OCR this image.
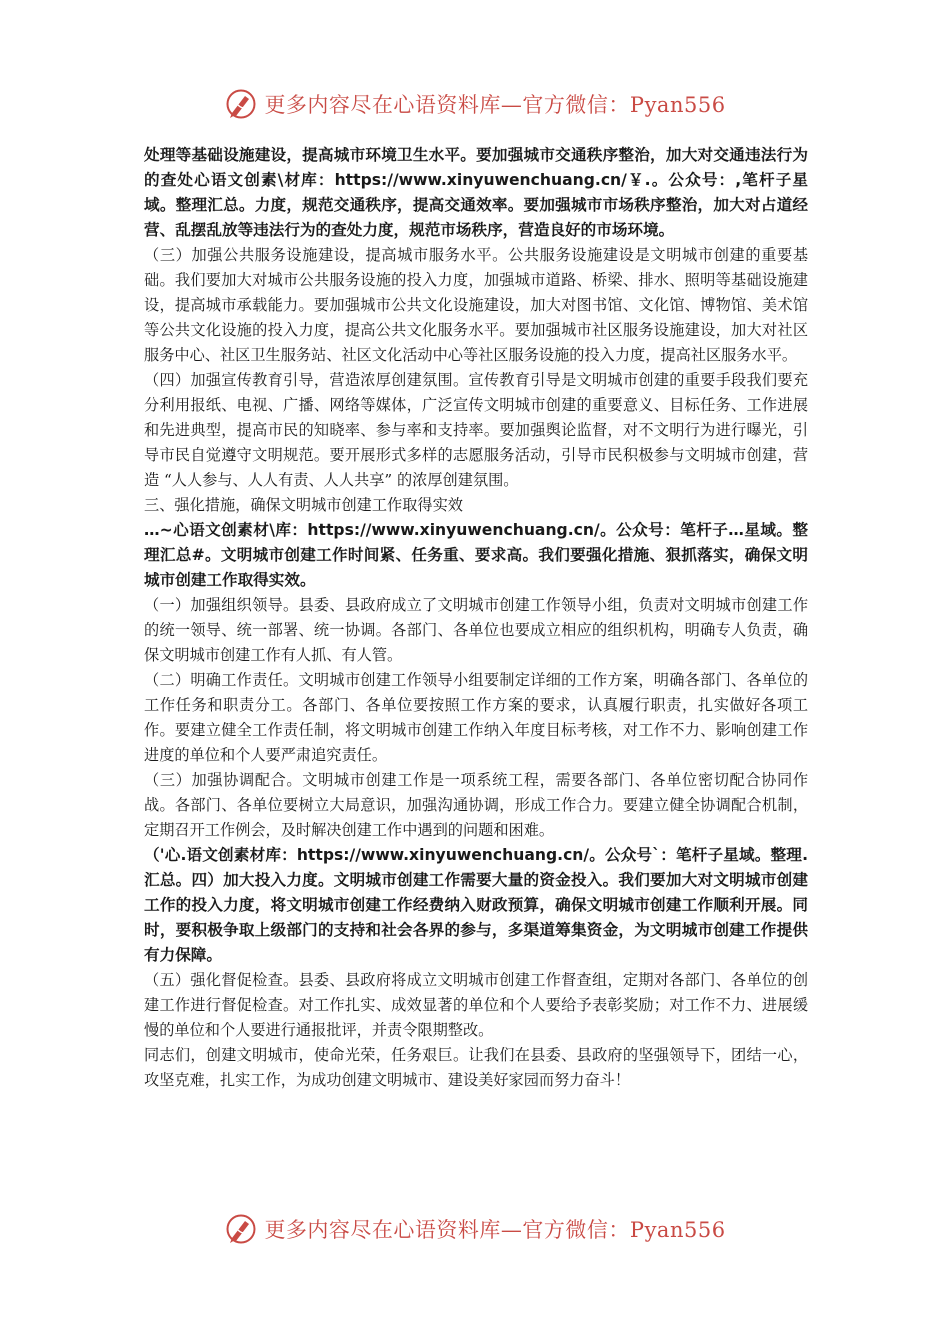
更多内容尽在心语资料库—官方微信：Pyan556

处理等基础设施建设，提高城市环境卫生水平。要加强城市交通秩序整治，加大对交通违法行为的查处心语文创素\材库：https://www.xinyuwenchuang.cn/￥.。公众号：,笔杆子星域。整理汇总。力度，规范交通秩序，提高交通效率。要加强城市市场秩序整治，加大对占道经营、乱摆乱放等违法行为的查处力度，规范市场秩序，营造良好的市场环境。

（三）加强公共服务设施建设，提高城市服务水平。公共服务设施建设是文明城市创建的重要基础。我们要加大对城市公共服务设施的投入力度，加强城市道路、桥梁、排水、照明等基础设施建设，提高城市承载能力。要加强城市公共文化设施建设，加大对图书馆、文化馆、博物馆、美术馆等公共文化设施的投入力度，提高公共文化服务水平。要加强城市社区服务设施建设，加大对社区服务中心、社区卫生服务站、社区文化活动中心等社区服务设施的投入力度，提高社区服务水平。

（四）加强宣传教育引导，营造浓厚创建氛围。宣传教育引导是文明城市创建的重要手段我们要充分利用报纸、电视、广播、网络等媒体，广泛宣传文明城市创建的重要意义、目标任务、工作进展和先进典型，提高市民的知晓率、参与率和支持率。要加强舆论监督，对不文明行为进行曝光，引导市民自觉遵守文明规范。要开展形式多样的志愿服务活动，引导市民积极参与文明城市创建，营造 “人人参与、人人有责、人人共享” 的浓厚创建氛围。

三、强化措施，确保文明城市创建工作取得实效

…~心语文创素材\库：https://www.xinyuwenchuang.cn/。公众号：笔杆子…星域。整理汇总#。文明城市创建工作时间紧、任务重、要求高。我们要强化措施、狠抓落实，确保文明城市创建工作取得实效。

（一）加强组织领导。县委、县政府成立了文明城市创建工作领导小组，负责对文明城市创建工作的统一领导、统一部署、统一协调。各部门、各单位也要成立相应的组织机构，明确专人负责，确保文明城市创建工作有人抓、有人管。

（二）明确工作责任。文明城市创建工作领导小组要制定详细的工作方案，明确各部门、各单位的工作任务和职责分工。各部门、各单位要按照工作方案的要求，认真履行职责，扎实做好各项工作。要建立健全工作责任制，将文明城市创建工作纳入年度目标考核，对工作不力、影响创建工作进度的单位和个人要严肃追究责任。

（三）加强协调配合。文明城市创建工作是一项系统工程，需要各部门、各单位密切配合协同作战。各部门、各单位要树立大局意识，加强沟通协调，形成工作合力。要建立健全协调配合机制，定期召开工作例会，及时解决创建工作中遇到的问题和困难。

（'心.语文创素材库：https://www.xinyuwenchuang.cn/。公众号`：笔杆子星域。整理.汇总。四）加大投入力度。文明城市创建工作需要大量的资金投入。我们要加大对文明城市创建工作的投入力度，将文明城市创建工作经费纳入财政预算，确保文明城市创建工作顺利开展。同时，要积极争取上级部门的支持和社会各界的参与，多渠道筹集资金，为文明城市创建工作提供有力保障。

（五）强化督促检查。县委、县政府将成立文明城市创建工作督查组，定期对各部门、各单位的创建工作进行督促检查。对工作扎实、成效显著的单位和个人要给予表彰奖励；对工作不力、进展缓慢的单位和个人要进行通报批评，并责令限期整改。

同志们，创建文明城市，使命光荣，任务艰巨。让我们在县委、县政府的坚强领导下，团结一心，攻坚克难，扎实工作，为成功创建文明城市、建设美好家园而努力奋斗！

更多内容尽在心语资料库—官方微信：Pyan556
